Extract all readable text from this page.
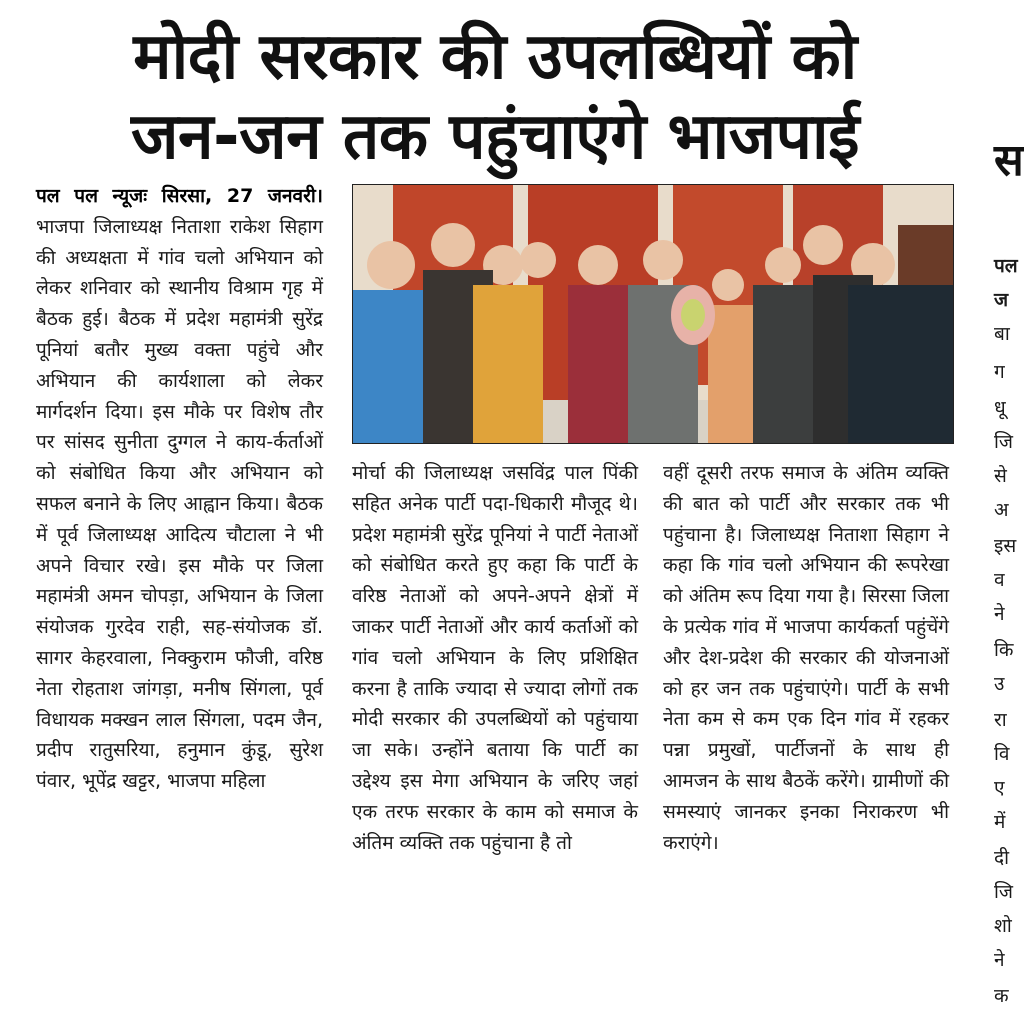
मोदी सरकार की उपलब्धियों को
जन-जन तक पहुंचाएंगे भाजपाई

पल पल न्यूजः सिरसा, 27 जनवरी। भाजपा जिलाध्यक्ष निताशा राकेश सिहाग की अध्यक्षता में गांव चलो अभियान को लेकर शनिवार को स्थानीय विश्राम गृह में बैठक हुई। बैठक में प्रदेश महामंत्री सुरेंद्र पूनियां बतौर मुख्य वक्ता पहुंचे और अभियान की कार्यशाला को लेकर मार्गदर्शन दिया। इस मौके पर विशेष तौर पर सांसद सुनीता दुग्गल ने काय-र्कर्ताओं को संबोधित किया और अभियान को सफल बनाने के लिए आह्वान किया। बैठक में पूर्व जिलाध्यक्ष आदित्य चौटाला ने भी अपने विचार रखे। इस मौके पर जिला महामंत्री अमन चोपड़ा, अभियान के जिला संयोजक गुरदेव राही, सह-संयोजक डॉ. सागर केहरवाला, निक्कुराम फौजी, वरिष्ठ नेता रोहताश जांगड़ा, मनीष सिंगला, पूर्व विधायक मक्खन लाल सिंगला, पदम जैन, प्रदीप रातुसरिया, हनुमान कुंडू, सुरेश पंवार, भूपेंद्र खट्टर, भाजपा महिला

मोर्चा की जिलाध्यक्ष जसविंद्र पाल पिंकी सहित अनेक पार्टी पदा-धिकारी मौजूद थे। प्रदेश महामंत्री सुरेंद्र पूनियां ने पार्टी नेताओं को संबोधित करते हुए कहा कि पार्टी के वरिष्ठ नेताओं को अपने-अपने क्षेत्रों में जाकर पार्टी नेताओं और कार्य कर्ताओं को गांव चलो अभियान के लिए प्रशिक्षित करना है ताकि ज्यादा से ज्यादा लोगों तक मोदी सरकार की उपलब्धियों को पहुंचाया जा सके। उन्होंने बताया कि पार्टी का उद्देश्य इस मेगा अभियान के जरिए जहां एक तरफ सरकार के काम को समाज के अंतिम व्यक्ति तक पहुंचाना है तो

वहीं दूसरी तरफ समाज के अंतिम व्यक्ति की बात को पार्टी और सरकार तक भी पहुंचाना है। जिलाध्यक्ष निताशा सिहाग ने कहा कि गांव चलो अभियान की रूपरेखा को अंतिम रूप दिया गया है। सिरसा जिला के प्रत्येक गांव में भाजपा कार्यकर्ता पहुंचेंगे और देश-प्रदेश की सरकार की योजनाओं को हर जन तक पहुंचाएंगे। पार्टी के सभी नेता कम से कम एक दिन गांव में रहकर पन्ना प्रमुखों, पार्टीजनों के साथ ही आमजन के साथ बैठकें करेंगे। ग्रामीणों की समस्याएं जानकर इनका निराकरण भी कराएंगे।

स
पल
ज
बा
ग
धू
जि
से
अ
इस
व
ने
कि
उ
रा
वि
ए
में
दी
जि
शो
ने
क
